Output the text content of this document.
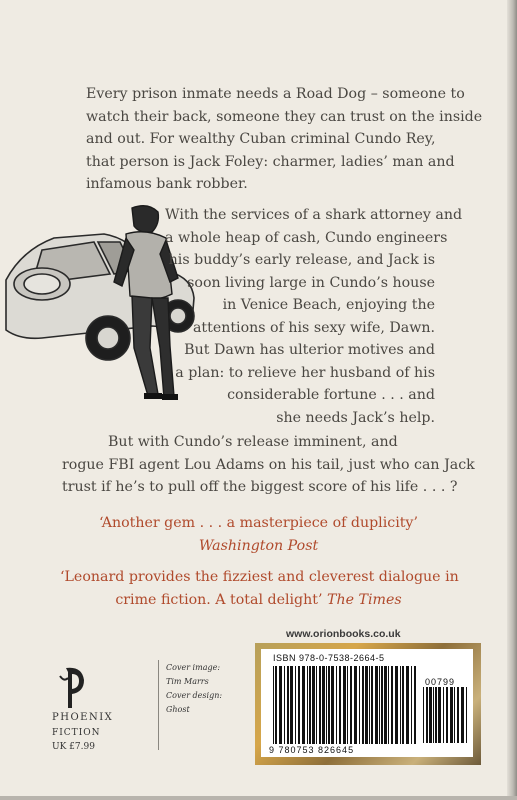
Every prison inmate needs a Road Dog – someone to
watch their back, someone they can trust on the inside
and out. For wealthy Cuban criminal Cundo Rey,
that person is Jack Foley: charmer, ladies’ man and
infamous bank robber.

With the services of a shark attorney and
a whole heap of cash, Cundo engineers
his buddy’s early release, and Jack is
soon living large in Cundo’s house
in Venice Beach, enjoying the
attentions of his sexy wife, Dawn.
But Dawn has ulterior motives and
a plan: to relieve her husband of his
considerable fortune . . . and
she needs Jack’s help.

But with Cundo’s release imminent, and
rogue FBI agent Lou Adams on his tail, just who can Jack
trust if he’s to pull off the biggest score of his life . . . ?

‘Another gem . . . a masterpiece of duplicity’
Washington Post

‘Leonard provides the fizziest and cleverest dialogue in
crime fiction. A total delight’ The Times

www.orionbooks.co.uk
PHOENIX
FICTION
UK £7.99
Cover image:
Tim Marrs
Cover design:
Ghost
ISBN 978-0-7538-2664-5
00799
9 780753 826645
